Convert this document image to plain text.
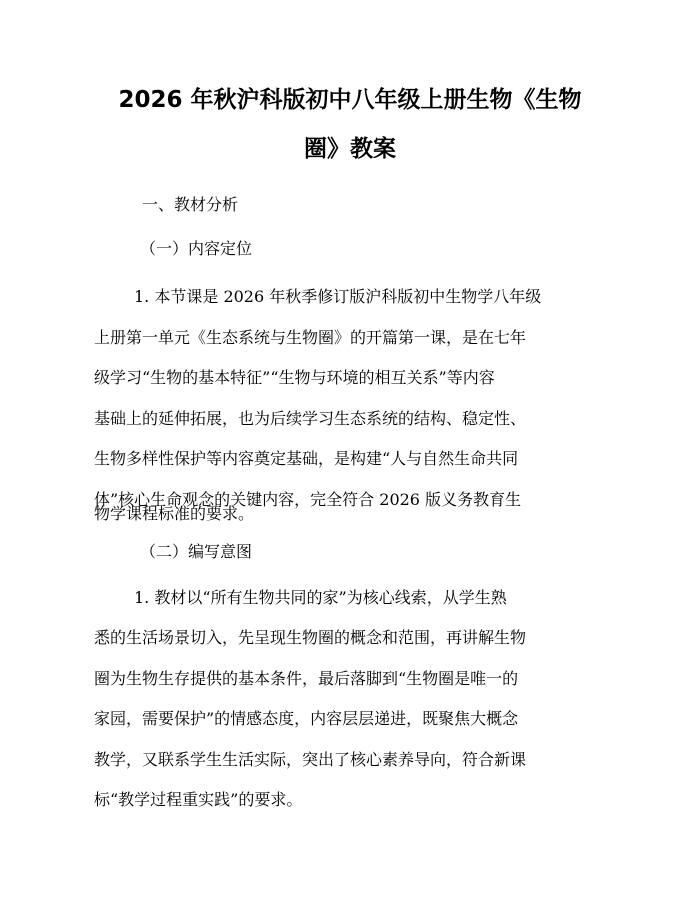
2026 年秋沪科版初中八年级上册生物《生物
圈》教案

一、教材分析

（一）内容定位

1. 本节课是 2026 年秋季修订版沪科版初中生物学八年级

上册第一单元《生态系统与生物圈》的开篇第一课，是在七年

级学习“生物的基本特征”“生物与环境的相互关系”等内容

基础上的延伸拓展，也为后续学习生态系统的结构、稳定性、

生物多样性保护等内容奠定基础，是构建“人与自然生命共同

体”核心生命观念的关键内容，完全符合 2026 版义务教育生

物学课程标准的要求。

（二）编写意图

1. 教材以“所有生物共同的家”为核心线索，从学生熟

悉的生活场景切入，先呈现生物圈的概念和范围，再讲解生物

圈为生物生存提供的基本条件，最后落脚到“生物圈是唯一的

家园，需要保护”的情感态度，内容层层递进，既聚焦大概念

教学，又联系学生生活实际，突出了核心素养导向，符合新课

标“教学过程重实践”的要求。
